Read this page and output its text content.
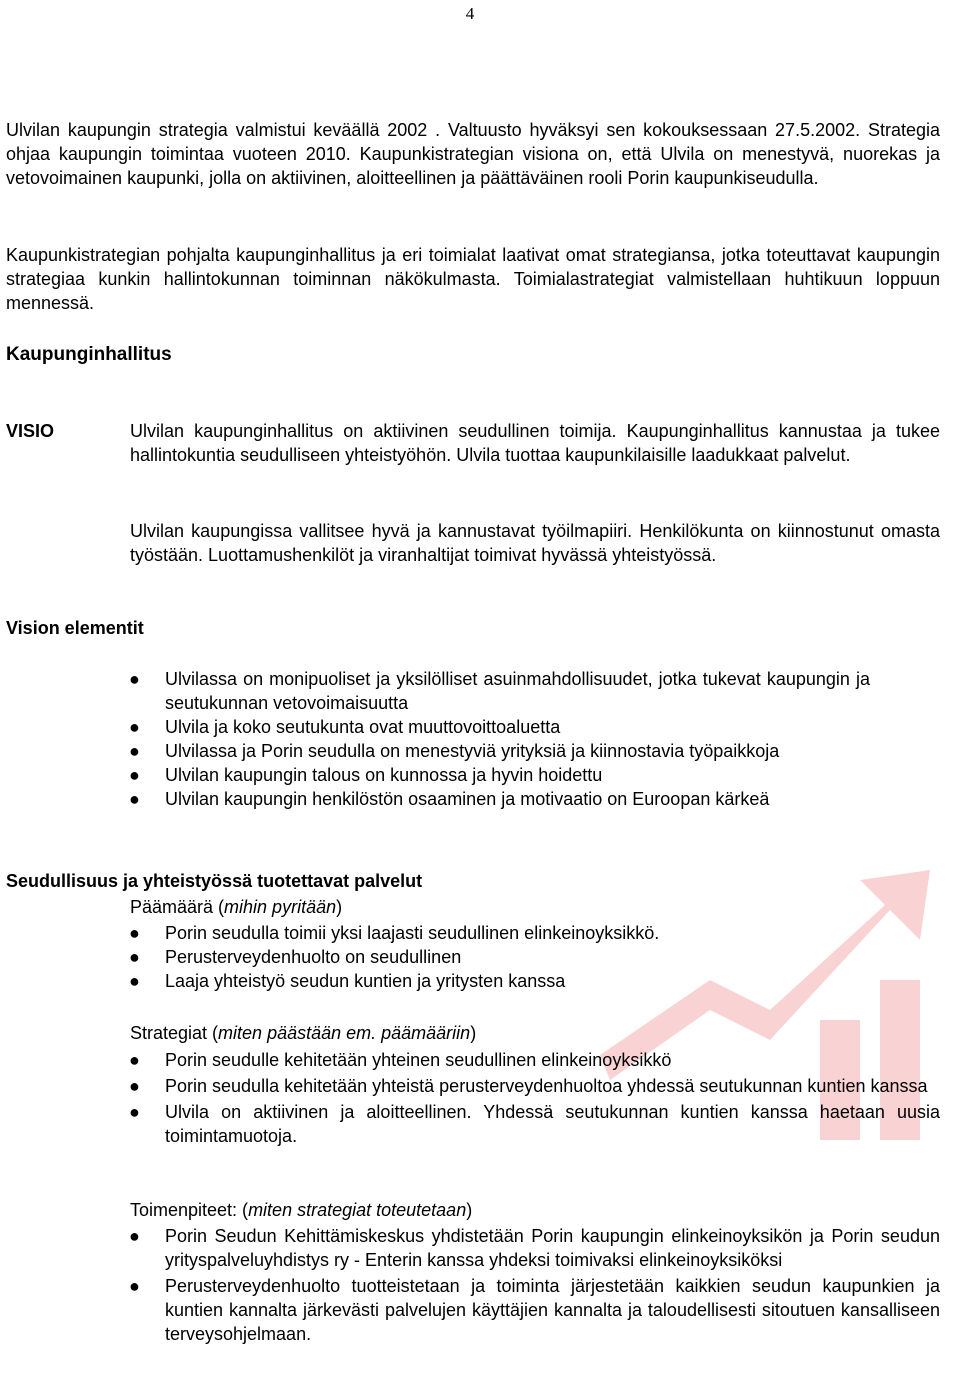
4
Ulvilan kaupungin strategia valmistui keväällä 2002 . Valtuusto hyväksyi sen kokouksessaan 27.5.2002. Strategia ohjaa kaupungin toimintaa vuoteen 2010. Kaupunkistrategian visiona on, että Ulvila on menestyvä, nuorekas ja vetovoimainen kaupunki, jolla on aktiivinen, aloitteellinen ja päättäväinen rooli Porin kaupunkiseudulla.
Kaupunkistrategian pohjalta kaupunginhallitus ja eri toimialat laativat omat strategiansa, jotka toteuttavat kaupungin strategiaa kunkin hallintokunnan toiminnan näkökulmasta. Toimialastrategiat valmistellaan huhtikuun loppuun mennessä.
Kaupunginhallitus
VISIO	Ulvilan kaupunginhallitus on aktiivinen seudullinen toimija. Kaupunginhallitus kannustaa ja tukee hallintokuntia seudulliseen yhteistyöhön. Ulvila tuottaa kaupunkilaisille laadukkaat palvelut.
Ulvilan kaupungissa vallitsee hyvä ja kannustavat työilmapiiri. Henkilökunta on kiinnostunut omasta työstään. Luottamushenkilöt ja viranhaltijat toimivat hyvässä yhteistyössä.
Vision elementit
● Ulvilassa on monipuoliset ja yksilölliset asuinmahdollisuudet, jotka tukevat kaupungin ja seutukunnan vetovoimaisuutta
● Ulvila ja koko seutukunta ovat muuttovoittoaluetta
● Ulvilassa ja Porin seudulla on menestyviä yrityksiä ja kiinnostavia työpaikkoja
● Ulvilan kaupungin talous on kunnossa ja hyvin hoidettu
● Ulvilan kaupungin henkilöstön osaaminen ja motivaatio on Euroopan kärkeä
Seudullisuus ja yhteistyössä tuotettavat palvelut
Päämäärä (mihin pyritään)
● Porin seudulla toimii yksi laajasti seudullinen elinkeinoyksikkö.
● Perusterveydenhuolto on seudullinen
● Laaja yhteistyö seudun kuntien ja yritysten kanssa
Strategiat (miten päästään em. päämääriin)
● Porin seudulle kehitetään yhteinen seudullinen elinkeinoyksikkö
● Porin seudulla kehitetään yhteistä perusterveydenhuoltoa yhdessä seutukunnan kuntien kanssa
● Ulvila on aktiivinen ja aloitteellinen. Yhdessä seutukunnan kuntien kanssa haetaan uusia toimintamuotoja.
Toimenpiteet: (miten strategiat toteutetaan)
● Porin Seudun Kehittämiskeskus yhdistetään Porin kaupungin elinkeinoyksikön ja Porin seudun yrityspalveluyhdistys ry - Enterin kanssa yhdeksi toimivaksi elinkeinoyksiköksi
● Perusterveydenhuolto tuotteistetaan ja toiminta järjestetään kaikkien seudun kaupunkien ja kuntien kannalta järkevästi palvelujen käyttäjien kannalta ja taloudellisesti sitoutuen kansalliseen terveysohjelmaan.
